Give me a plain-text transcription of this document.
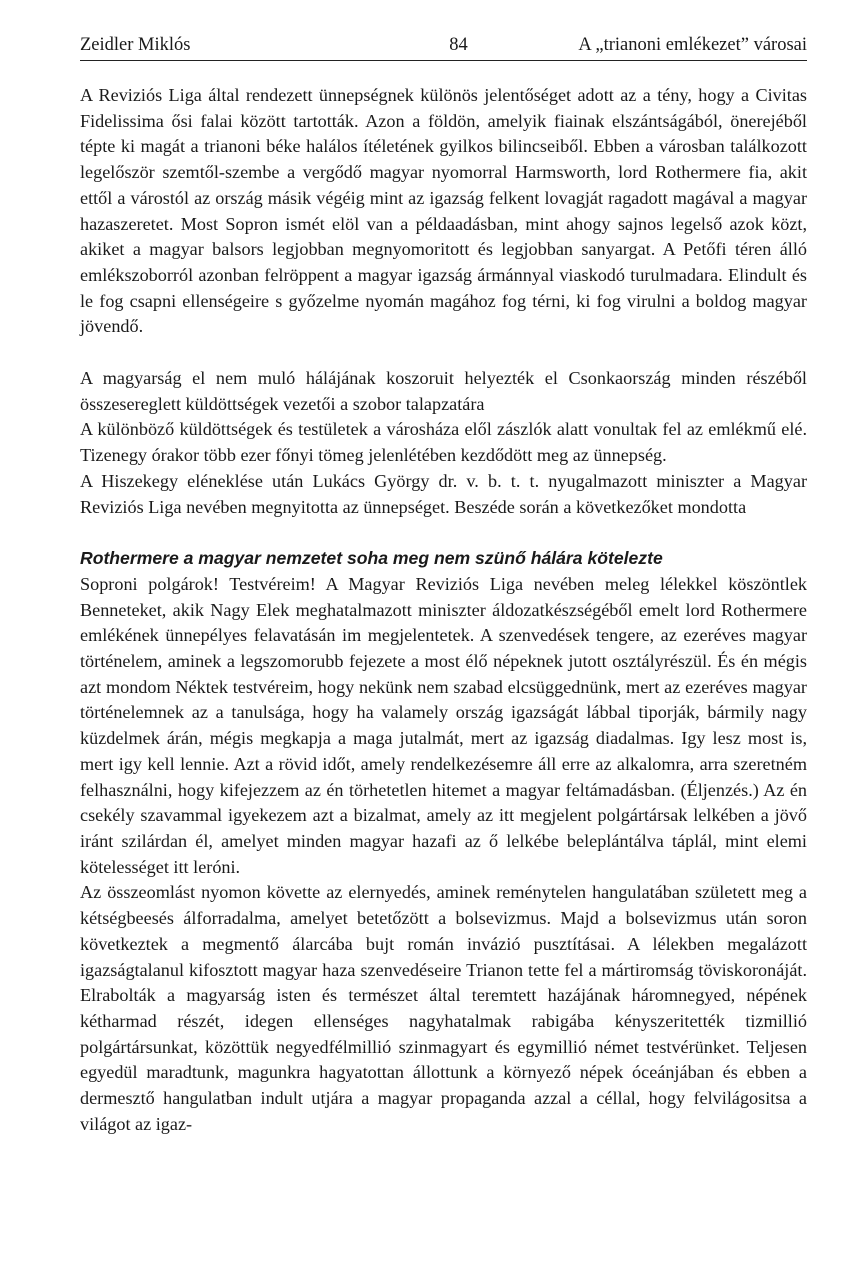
Zeidler Miklós	84	A „trianoni emlékezet” városai

A Reviziós Liga által rendezett ünnepségnek különös jelentőséget adott az a tény, hogy a Civitas Fidelissima ősi falai között tartották. Azon a földön, amelyik fiainak elszántságából, önerejéből tépte ki magát a trianoni béke halálos ítéletének gyilkos bilincseiből. Ebben a városban találkozott legelőször szemtől-szembe a vergődő magyar nyomorral Harmsworth, lord Rothermere fia, akit ettől a várostól az ország másik végéig mint az igazság felkent lovagját ragadott magával a magyar hazaszeretet. Most Sopron ismét elöl van a példaadásban, mint ahogy sajnos legelső azok közt, akiket a magyar balsors legjobban megnyomoritott és legjobban sanyargat. A Petőfi téren álló emlékszoborról azonban felröppent a magyar igazság ármánnyal viaskodó turulmadara. Elindult és le fog csapni ellenségeire s győzelme nyomán magához fog térni, ki fog virulni a boldog magyar jövendő.

A magyarság el nem muló hálájának koszoruit helyezték el Csonkaország minden részéből összesereglett küldöttségek vezetői a szobor talapzatára

A különböző küldöttségek és testületek a városháza elől zászlók alatt vonultak fel az emlékmű elé. Tizenegy órakor több ezer főnyi tömeg jelenlétében kezdődött meg az ünnepség.

A Hiszekegy eléneklése után Lukács György dr. v. b. t. t. nyugalmazott miniszter a Magyar Reviziós Liga nevében megnyitotta az ünnepséget. Beszéde során a következőket mondotta

Rothermere a magyar nemzetet soha meg nem szünő hálára kötelezte

Soproni polgárok! Testvéreim! A Magyar Reviziós Liga nevében meleg lélekkel köszöntlek Benneteket, akik Nagy Elek meghatalmazott miniszter áldozatkészségéből emelt lord Rothermere emlékének ünnepélyes felavatásán im megjelentetek. A szenvedések tengere, az ezeréves magyar történelem, aminek a legszomorubb fejezete a most élő népeknek jutott osztályrészül. És én mégis azt mondom Néktek testvéreim, hogy nekünk nem szabad elcsüggednünk, mert az ezeréves magyar történelemnek az a tanulsága, hogy ha valamely ország igazságát lábbal tiporják, bármily nagy küzdelmek árán, mégis megkapja a maga jutalmát, mert az igazság diadalmas. Igy lesz most is, mert igy kell lennie. Azt a rövid időt, amely rendelkezésemre áll erre az alkalomra, arra szeretném felhasználni, hogy kifejezzem az én törhetetlen hitemet a magyar feltámadásban. (Éljenzés.) Az én csekély szavammal igyekezem azt a bizalmat, amely az itt megjelent polgártársak lelkében a jövő iránt szilárdan él, amelyet minden magyar hazafi az ő lelkébe beleplántálva táplál, mint elemi kötelességet itt leróni.

Az összeomlást nyomon követte az elernyedés, aminek reménytelen hangulatában született meg a kétségbeesés álforradalma, amelyet betetőzött a bolsevizmus. Majd a bolsevizmus után soron következtek a megmentő álarcába bujt román invázió pusztításai. A lélekben megalázott igazságtalanul kifosztott magyar haza szenvedéseire Trianon tette fel a mártiromság töviskoronáját. Elrabolták a magyarság isten és természet által teremtett hazájának háromnegyed, népének kétharmad részét, idegen ellenséges nagyhatalmak rabigába kényszeritették tizmillió polgártársunkat, közöttük negyedfélmillió szinmagyart és egymillió német testvérünket. Teljesen egyedül maradtunk, magunkra hagyatottan állottunk a környező népek óceánjában és ebben a dermesztő hangulatban indult utjára a magyar propaganda azzal a céllal, hogy felvilágositsa a világot az igaz-
